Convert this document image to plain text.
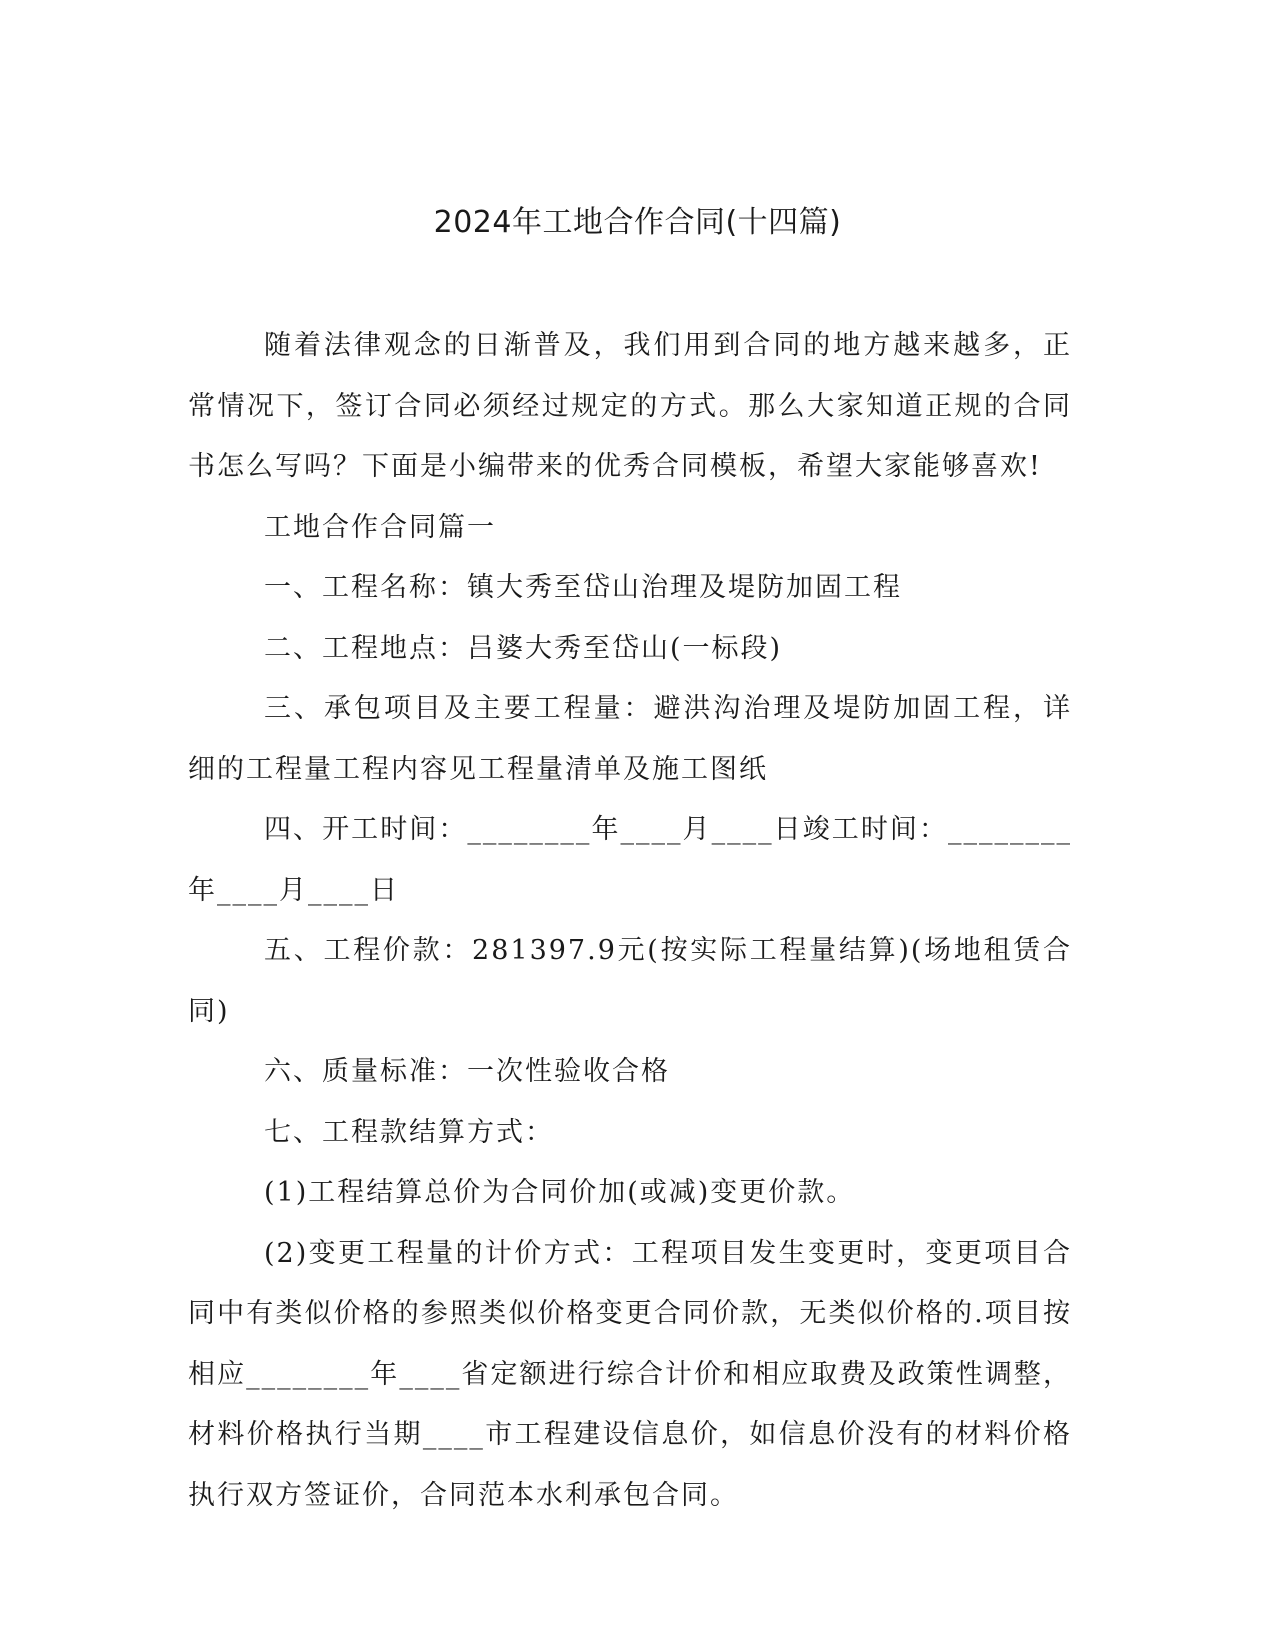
2024年工地合作合同(十四篇)

随着法律观念的日渐普及，我们用到合同的地方越来越多，正常情况下，签订合同必须经过规定的方式。那么大家知道正规的合同书怎么写吗？下面是小编带来的优秀合同模板，希望大家能够喜欢!

工地合作合同篇一

一、工程名称：镇大秀至岱山治理及堤防加固工程

二、工程地点：吕婆大秀至岱山(一标段)

三、承包项目及主要工程量：避洪沟治理及堤防加固工程，详细的工程量工程内容见工程量清单及施工图纸

四、开工时间：________年____月____日竣工时间：________年____月____日

五、工程价款：281397.9元(按实际工程量结算)(场地租赁合同)

六、质量标准：一次性验收合格

七、工程款结算方式：

(1)工程结算总价为合同价加(或减)变更价款。

(2)变更工程量的计价方式：工程项目发生变更时，变更项目合同中有类似价格的参照类似价格变更合同价款，无类似价格的.项目按相应________年____省定额进行综合计价和相应取费及政策性调整，材料价格执行当期____市工程建设信息价，如信息价没有的材料价格执行双方签证价，合同范本水利承包合同。
